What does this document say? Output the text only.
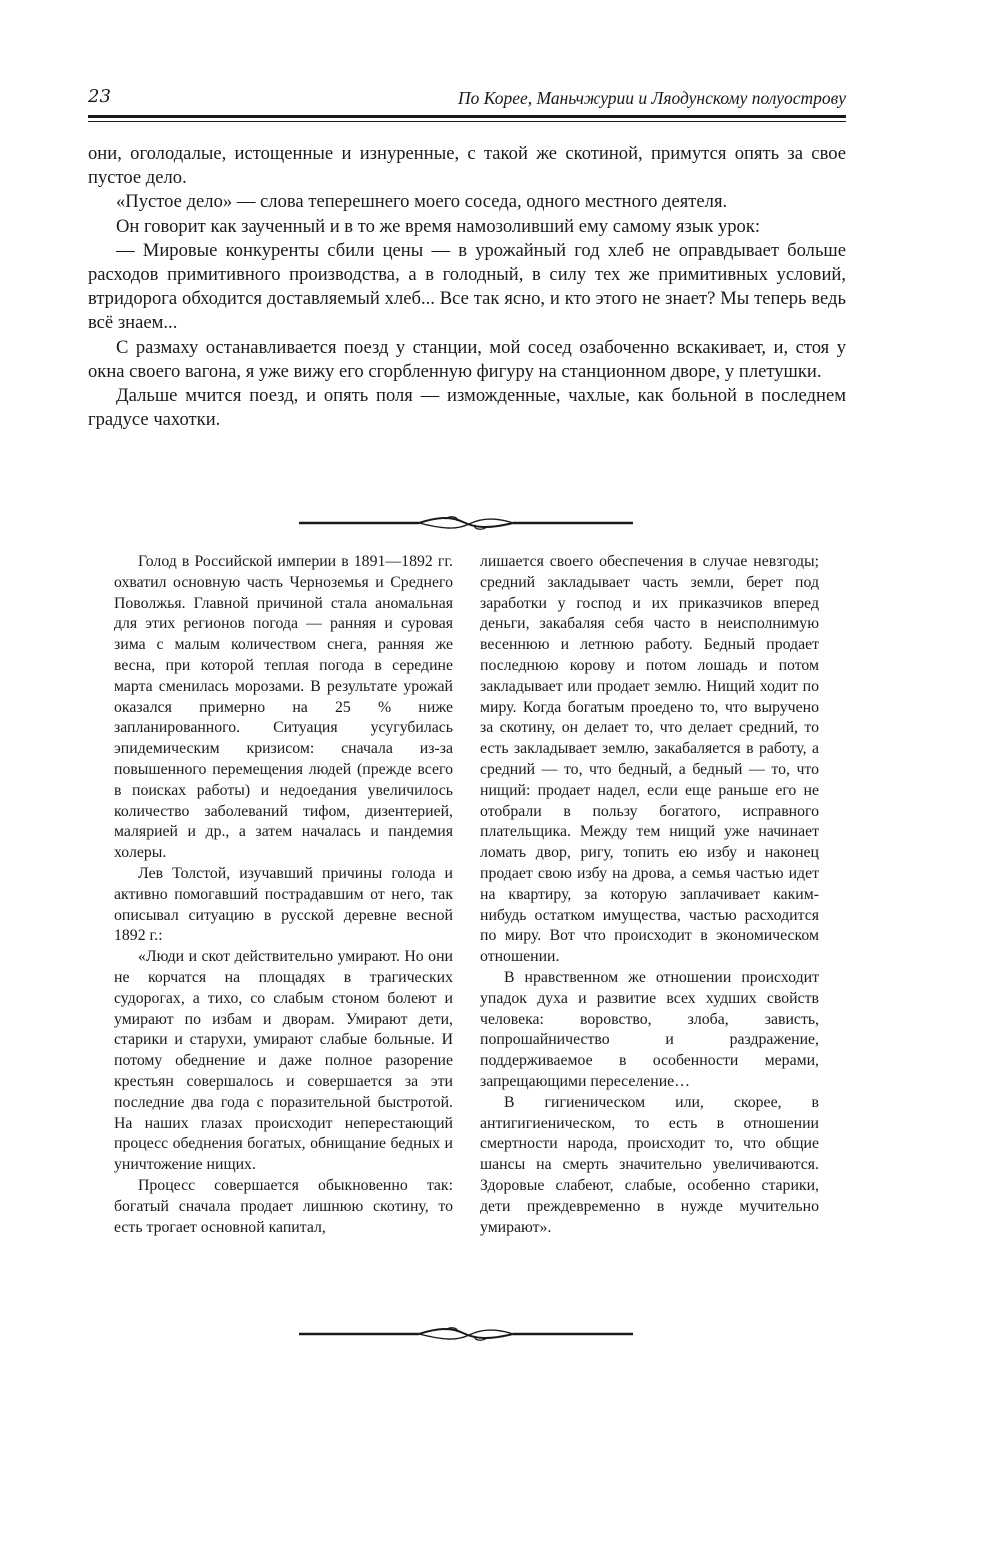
23	По Корее, Маньчжурии и Ляодунскому полуострову

они, оголодалые, истощенные и изнуренные, с такой же скотиной, примутся опять за свое пустое дело.

«Пустое дело» — слова теперешнего моего соседа, одного местного деятеля.

Он говорит как заученный и в то же время намозоливший ему самому язык урок:

— Мировые конкуренты сбили цены — в урожайный год хлеб не оправдывает больше расходов примитивного производства, а в голодный, в силу тех же примитивных условий, втридорога обходится доставляемый хлеб... Все так ясно, и кто этого не знает? Мы теперь ведь всё знаем...

С размаху останавливается поезд у станции, мой сосед озабоченно вскакивает, и, стоя у окна своего вагона, я уже вижу его сгорбленную фигуру на станционном дворе, у плетушки.

Дальше мчится поезд, и опять поля — изможденные, чахлые, как больной в последнем градусе чахотки.

Голод в Российской империи в 1891—1892 гг. охватил основную часть Черноземья и Среднего Поволжья. Главной причиной стала аномальная для этих регионов погода — ранняя и суровая зима с малым количеством снега, ранняя же весна, при которой теплая погода в середине марта сменилась морозами. В результате урожай оказался примерно на 25 % ниже запланированного. Ситуация усугубилась эпидемическим кризисом: сначала из-за повышенного перемещения людей (прежде всего в поисках работы) и недоедания увеличилось количество заболеваний тифом, дизентерией, малярией и др., а затем началась и пандемия холеры.

Лев Толстой, изучавший причины голода и активно помогавший пострадавшим от него, так описывал ситуацию в русской деревне весной 1892 г.:

«Люди и скот действительно умирают. Но они не корчатся на площадях в трагических судорогах, а тихо, со слабым стоном болеют и умирают по избам и дворам. Умирают дети, старики и старухи, умирают слабые больные. И потому обеднение и даже полное разорение крестьян совершалось и совершается за эти последние два года с поразительной быстротой. На наших глазах происходит неперестающий процесс обеднения богатых, обнищание бедных и уничтожение нищих.

Процесс совершается обыкновенно так: богатый сначала продает лишнюю скотину, то есть трогает основной капитал,

лишается своего обеспечения в случае невзгоды; средний закладывает часть земли, берет под заработки у господ и их приказчиков вперед деньги, закабаляя себя часто в неисполнимую весеннюю и летнюю работу. Бедный продает последнюю корову и потом лошадь и потом закладывает или продает землю. Нищий ходит по миру. Когда богатым проедено то, что выручено за скотину, он делает то, что делает средний, то есть закладывает землю, закабаляется в работу, а средний — то, что бедный, а бедный — то, что нищий: продает надел, если еще раньше его не отобрали в пользу богатого, исправного плательщика. Между тем нищий уже начинает ломать двор, ригу, топить ею избу и наконец продает свою избу на дрова, а семья частью идет на квартиру, за которую заплачивает каким-нибудь остатком имущества, частью расходится по миру. Вот что происходит в экономическом отношении.

В нравственном же отношении происходит упадок духа и развитие всех худших свойств человека: воровство, злоба, зависть, попрошайничество и раздражение, поддерживаемое в особенности мерами, запрещающими переселение…

В гигиеническом или, скорее, в антигигиеническом, то есть в отношении смертности народа, происходит то, что общие шансы на смерть значительно увеличиваются. Здоровые слабеют, слабые, особенно старики, дети преждевременно в нужде мучительно умирают».
